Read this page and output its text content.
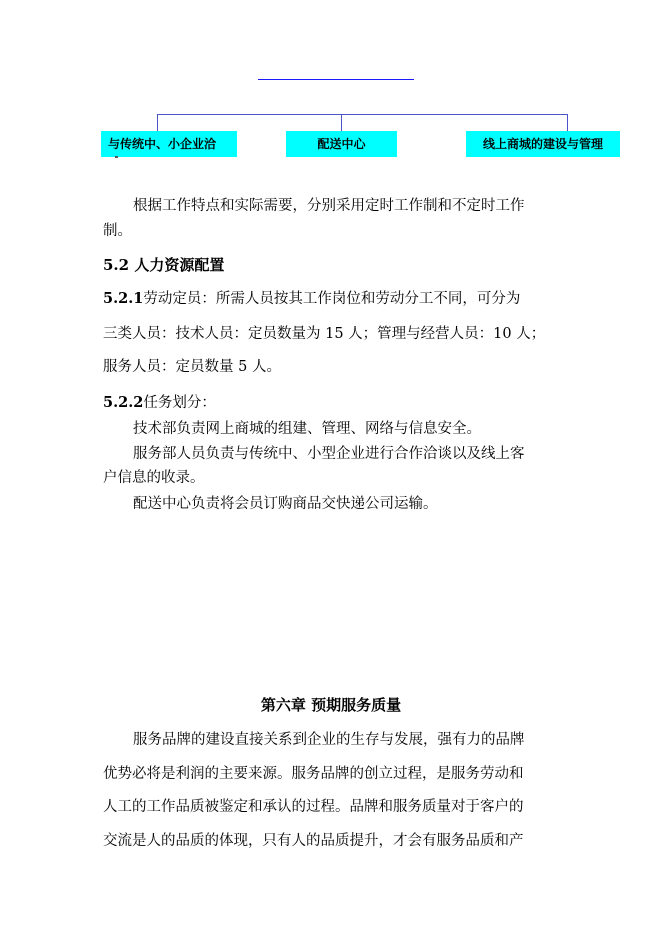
与传统中、小企业洽	配送中心	线上商城的建设与管理
根据工作特点和实际需要，分别采用定时工作制和不定时工作
制。
5.2 人力资源配置
5.2.1劳动定员：所需人员按其工作岗位和劳动分工不同，可分为
三类人员：技术人员：定员数量为 15 人；管理与经营人员：10 人；
服务人员：定员数量 5 人。
5.2.2任务划分：
技术部负责网上商城的组建、管理、网络与信息安全。
服务部人员负责与传统中、小型企业进行合作洽谈以及线上客
户信息的收录。
配送中心负责将会员订购商品交快递公司运输。
第六章 预期服务质量
服务品牌的建设直接关系到企业的生存与发展，强有力的品牌
优势必将是利润的主要来源。服务品牌的创立过程，是服务劳动和
人工的工作品质被鉴定和承认的过程。品牌和服务质量对于客户的
交流是人的品质的体现，只有人的品质提升，才会有服务品质和产
